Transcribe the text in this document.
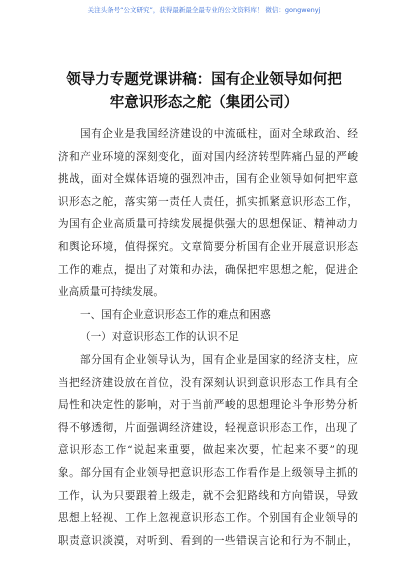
关注头条号“公文研究”，获得最新最全最专业的公文资料库！ 微信：gongwenyj
领导力专题党课讲稿：国有企业领导如何把
牢意识形态之舵（集团公司）
国有企业是我国经济建设的中流砥柱，面对全球政治、经
济和产业环境的深刻变化，面对国内经济转型阵痛凸显的严峻
挑战，面对全媒体语境的强烈冲击，国有企业领导如何把牢意
识形态之舵，落实第一责任人责任，抓实抓紧意识形态工作，
为国有企业高质量可持续发展提供强大的思想保证、精神动力
和舆论环境，值得探究。文章简要分析国有企业开展意识形态
工作的难点，提出了对策和办法，确保把牢思想之舵，促进企
业高质量可持续发展。
一、国有企业意识形态工作的难点和困惑
（一）对意识形态工作的认识不足
部分国有企业领导认为，国有企业是国家的经济支柱，应
当把经济建设放在首位，没有深刻认识到意识形态工作具有全
局性和决定性的影响，对于当前严峻的思想理论斗争形势分析
得不够透彻，片面强调经济建设，轻视意识形态工作，出现了
意识形态工作“说起来重要，做起来次要，忙起来不要”的现
象。部分国有企业领导把意识形态工作看作是上级领导主抓的
工作，认为只要跟着上级走，就不会犯路线和方向错误，导致
思想上轻视、工作上忽视意识形态工作。个别国有企业领导的
职责意识淡漠，对听到、看到的一些错误言论和行为不制止，
